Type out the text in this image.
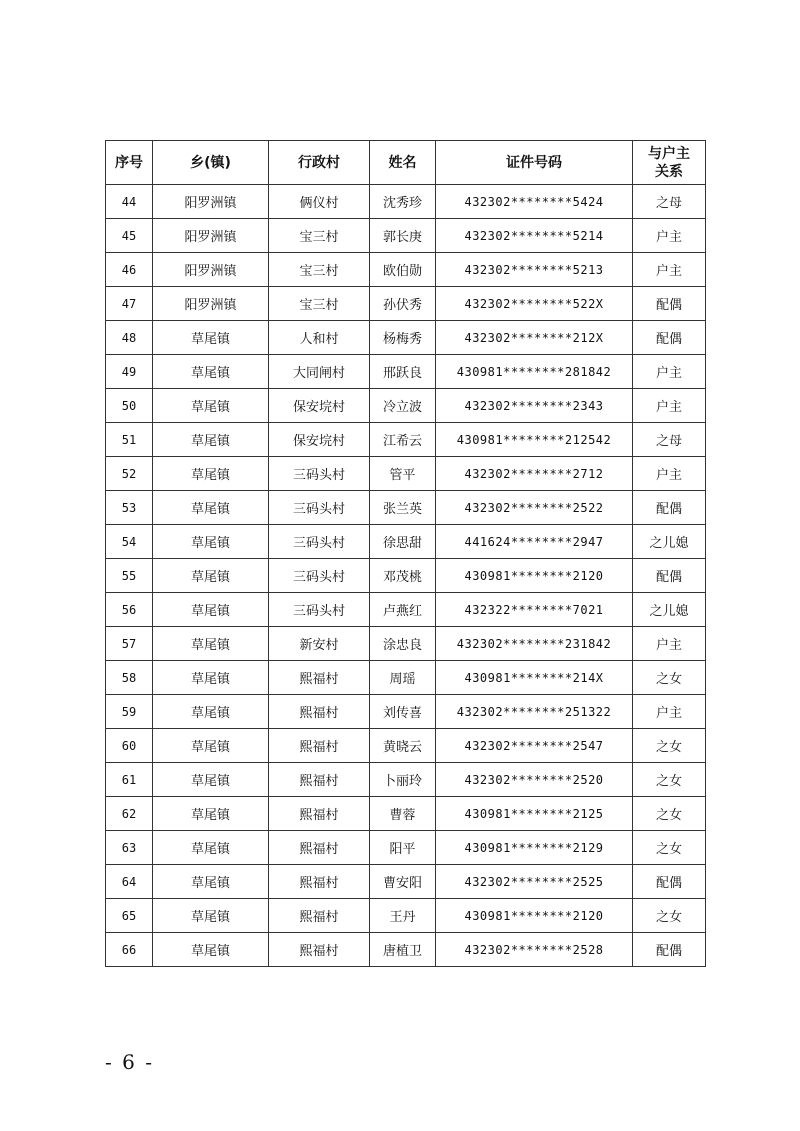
序号	乡(镇)	行政村	姓名	证件号码	与户主
关系
44	阳罗洲镇	俩仪村	沈秀珍	432302********5424	之母
45	阳罗洲镇	宝三村	郭长庚	432302********5214	户主
46	阳罗洲镇	宝三村	欧伯勋	432302********5213	户主
47	阳罗洲镇	宝三村	孙伏秀	432302********522X	配偶
48	草尾镇	人和村	杨梅秀	432302********212X	配偶
49	草尾镇	大同闸村	邢跃良	430981********281842	户主
50	草尾镇	保安垸村	冷立波	432302********2343	户主
51	草尾镇	保安垸村	江希云	430981********212542	之母
52	草尾镇	三码头村	管平	432302********2712	户主
53	草尾镇	三码头村	张兰英	432302********2522	配偶
54	草尾镇	三码头村	徐思甜	441624********2947	之儿媳
55	草尾镇	三码头村	邓茂桃	430981********2120	配偶
56	草尾镇	三码头村	卢燕红	432322********7021	之儿媳
57	草尾镇	新安村	涂忠良	432302********231842	户主
58	草尾镇	熙福村	周瑶	430981********214X	之女
59	草尾镇	熙福村	刘传喜	432302********251322	户主
60	草尾镇	熙福村	黄晓云	432302********2547	之女
61	草尾镇	熙福村	卜丽玲	432302********2520	之女
62	草尾镇	熙福村	曹蓉	430981********2125	之女
63	草尾镇	熙福村	阳平	430981********2129	之女
64	草尾镇	熙福村	曹安阳	432302********2525	配偶
65	草尾镇	熙福村	王丹	430981********2120	之女
66	草尾镇	熙福村	唐植卫	432302********2528	配偶
- 6 -
